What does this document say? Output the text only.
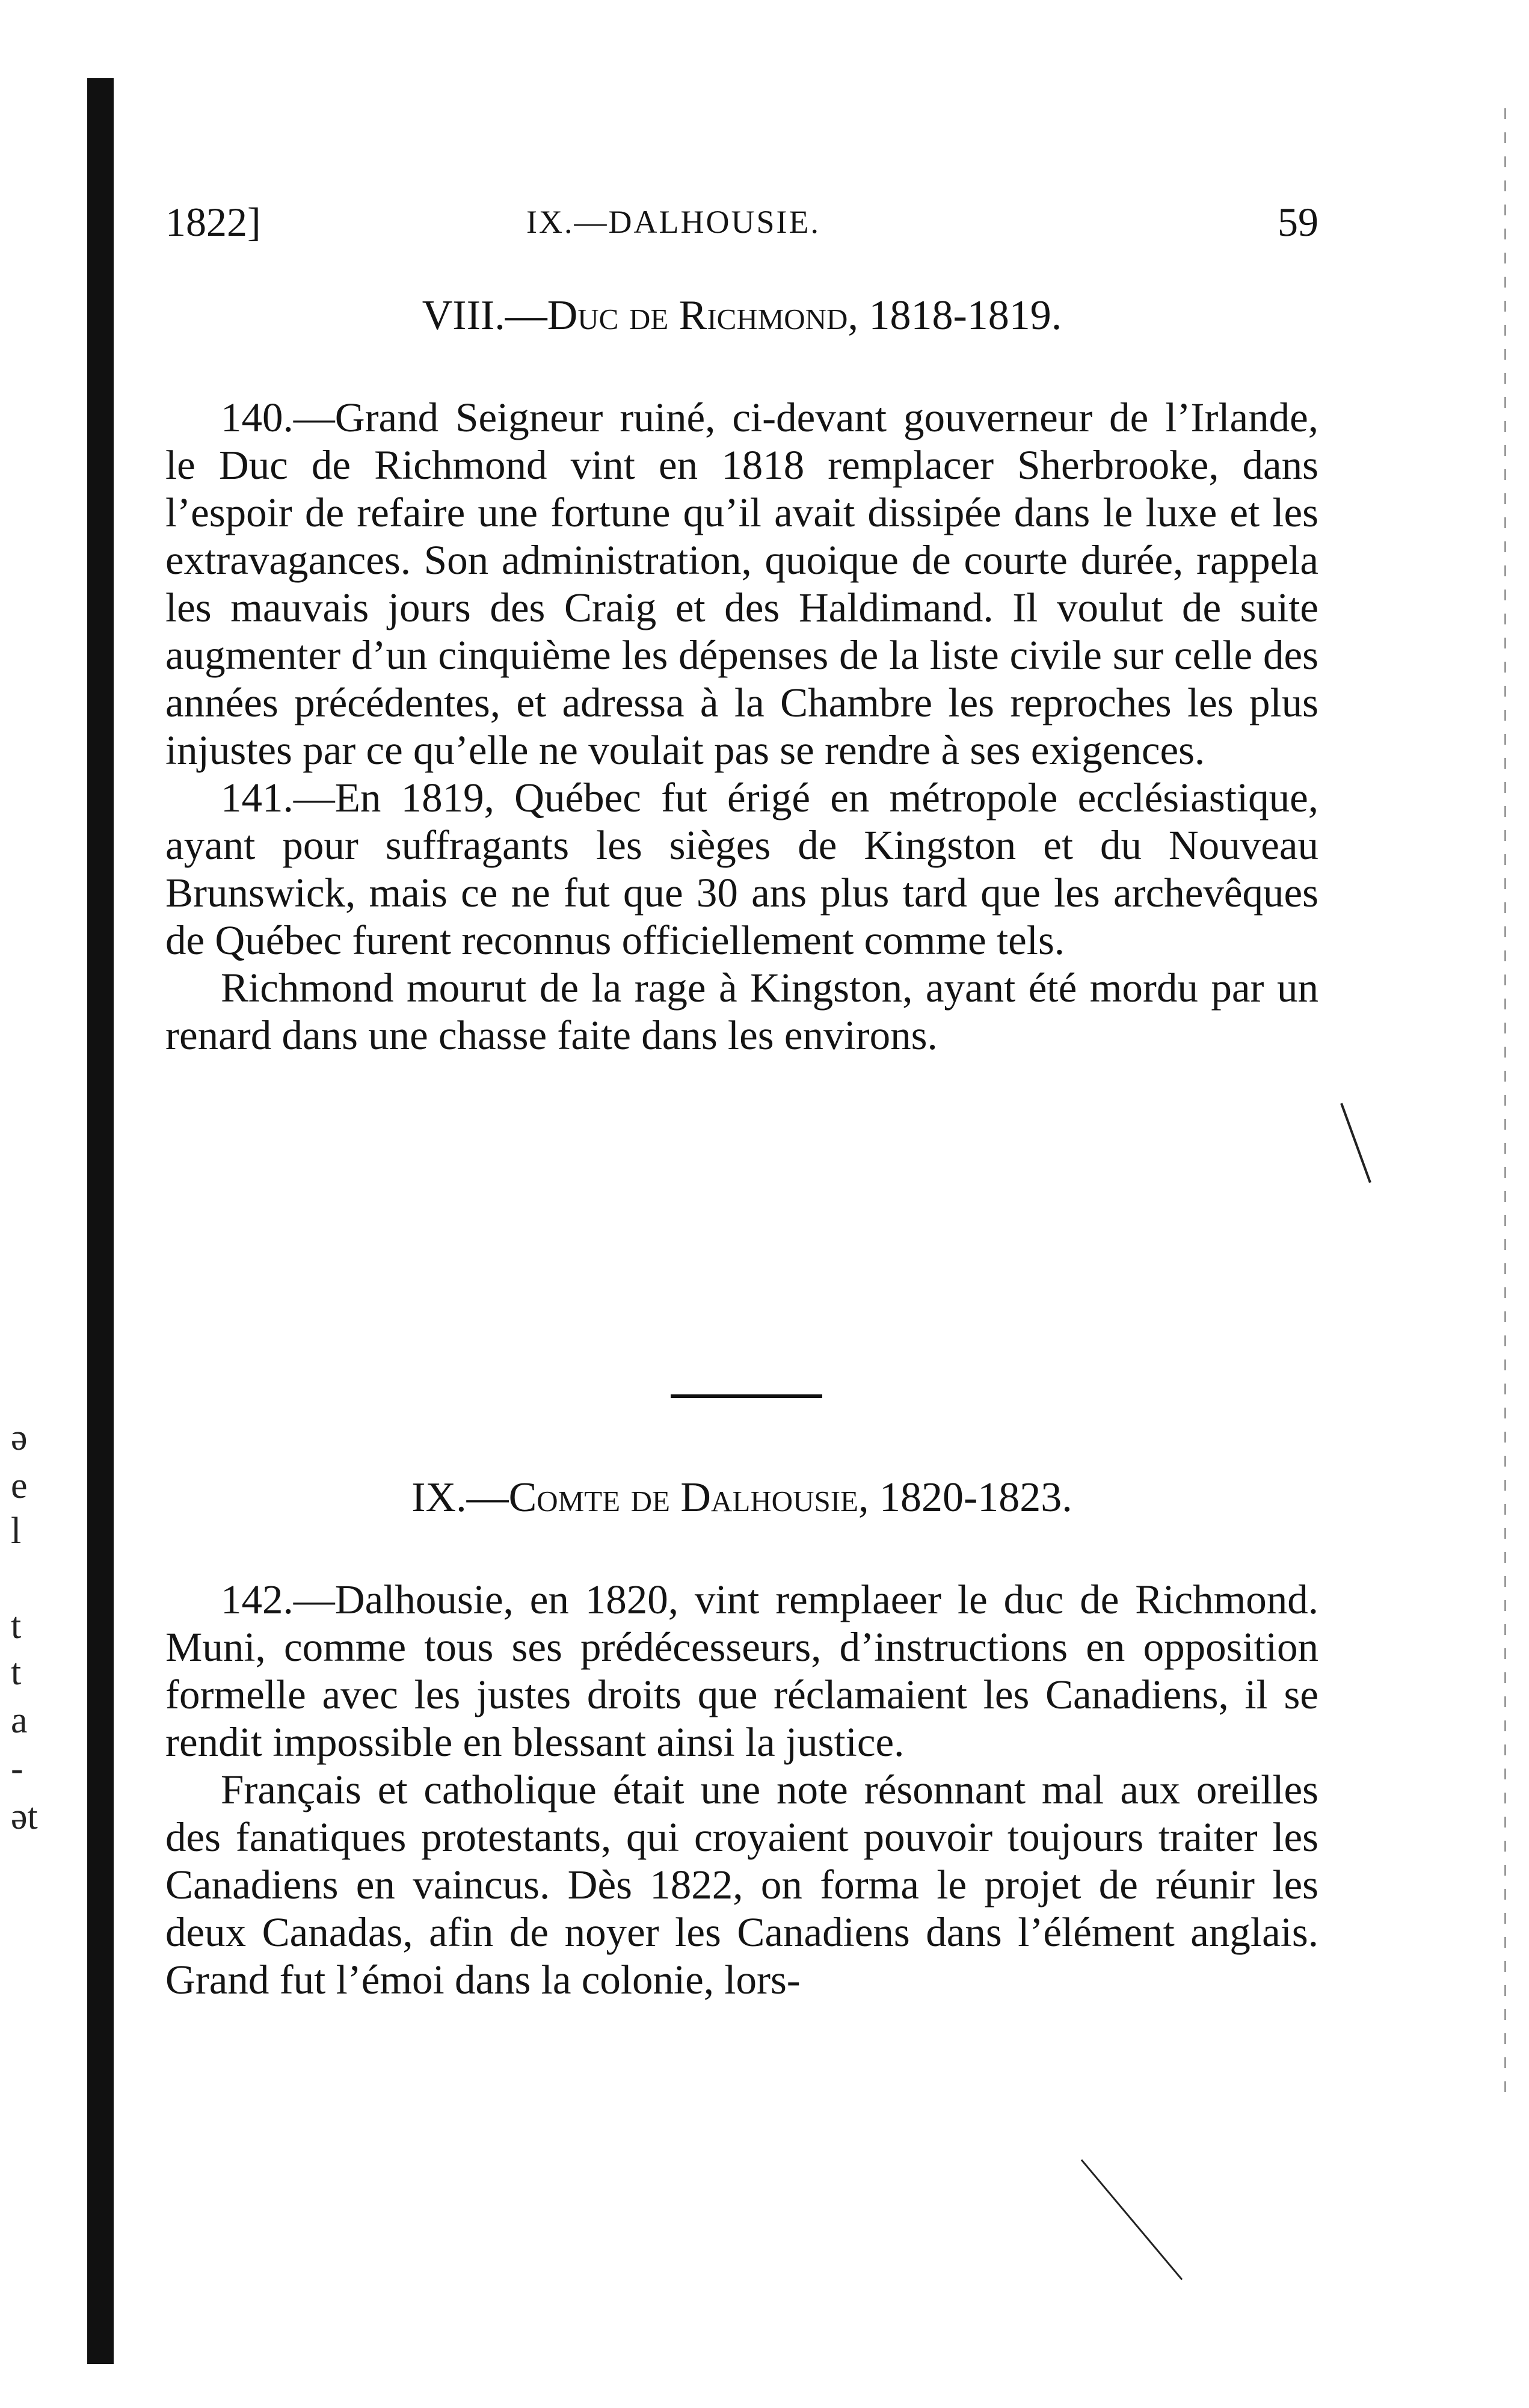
ə
e
l
t
t
a
-
ət
1822]	IX.—DALHOUSIE.	59
VIII.—Duc de Richmond, 1818-1819.

140.—Grand Seigneur ruiné, ci-devant gouverneur de l’Irlande, le Duc de Richmond vint en 1818 remplacer Sherbrooke, dans l’espoir de refaire une fortune qu’il avait dissipée dans le luxe et les extravagances. Son administration, quoique de courte durée, rappela les mauvais jours des Craig et des Haldimand. Il voulut de suite augmenter d’un cinquième les dépenses de la liste civile sur celle des années précédentes, et adressa à la Chambre les reproches les plus injustes par ce qu’elle ne voulait pas se rendre à ses exigences.

141.—En 1819, Québec fut érigé en métropole ecclésiastique, ayant pour suffragants les sièges de Kingston et du Nouveau Brunswick, mais ce ne fut que 30 ans plus tard que les archevêques de Québec furent reconnus officiellement comme tels.

Richmond mourut de la rage à Kingston, ayant été mordu par un renard dans une chasse faite dans les environs.

IX.—Comte de Dalhousie, 1820-1823.

142.—Dalhousie, en 1820, vint remplaeer le duc de Richmond. Muni, comme tous ses prédécesseurs, d’instructions en opposition formelle avec les justes droits que réclamaient les Canadiens, il se rendit impossible en blessant ainsi la justice.

Français et catholique était une note résonnant mal aux oreilles des fanatiques protestants, qui croyaient pouvoir toujours traiter les Canadiens en vaincus. Dès 1822, on forma le projet de réunir les deux Canadas, afin de noyer les Canadiens dans l’élément anglais. Grand fut l’émoi dans la colonie, lors-
